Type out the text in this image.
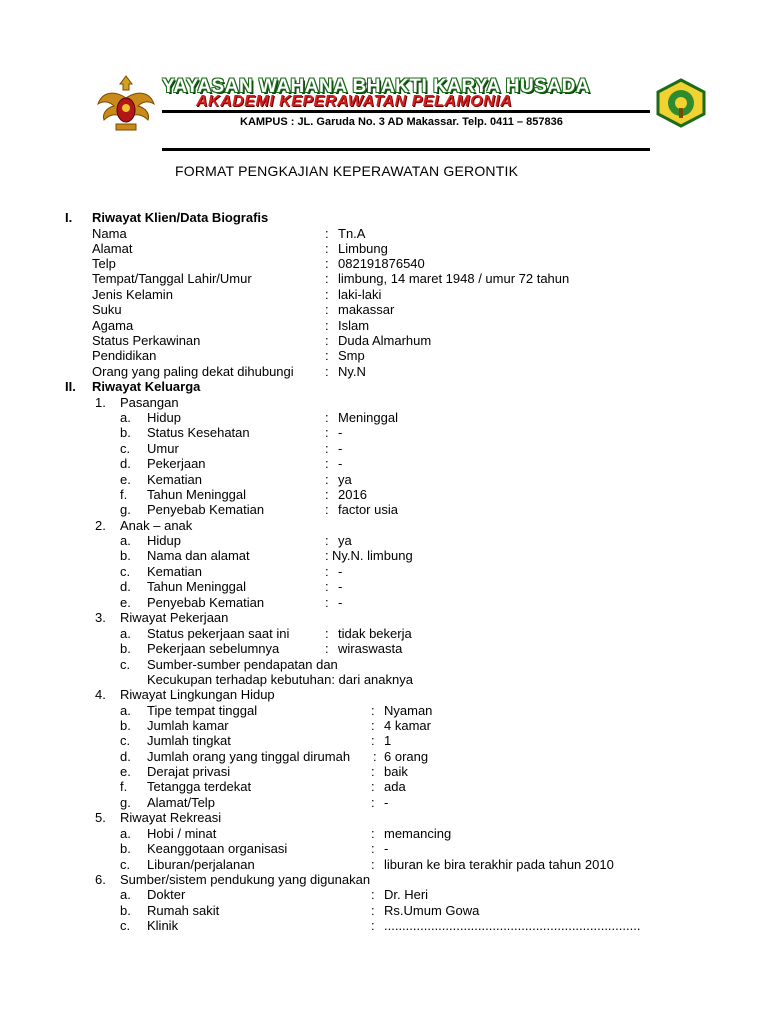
YAYASAN WAHANA BHAKTI KARYA HUSADA
AKADEMI KEPERAWATAN PELAMONIA
KAMPUS : JL. Garuda No. 3 AD Makassar. Telp. 0411 – 857836
FORMAT PENGKAJIAN KEPERAWATAN GERONTIK
I. Riwayat Klien/Data Biografis
Nama	: Tn.A
Alamat	: Limbung
Telp	: 082191876540
Tempat/Tanggal Lahir/Umur	: limbung, 14 maret 1948 / umur 72 tahun
Jenis Kelamin	: laki-laki
Suku	: makassar
Agama	: Islam
Status Perkawinan	: Duda Almarhum
Pendidikan	: Smp
Orang yang paling dekat dihubungi : Ny.N
II. Riwayat Keluarga
1. Pasangan
a. Hidup	: Meninggal
b. Status Kesehatan	: -
c. Umur	: -
d. Pekerjaan	: -
e. Kematian	: ya
f. Tahun Meninggal	: 2016
g. Penyebab Kematian	: factor usia
2. Anak – anak
a. Hidup	: ya
b. Nama dan alamat	: Ny.N. limbung
c. Kematian	: -
d. Tahun Meninggal	: -
e. Penyebab Kematian	: -
3. Riwayat Pekerjaan
a. Status pekerjaan saat ini	: tidak bekerja
b. Pekerjaan sebelumnya	: wiraswasta
c. Sumber-sumber pendapatan dan
Kecukupan terhadap kebutuhan: dari anaknya
4. Riwayat Lingkungan Hidup
a. Tipe tempat tinggal	: Nyaman
b. Jumlah kamar	: 4 kamar
c. Jumlah tingkat	: 1
d. Jumlah orang yang tinggal dirumah : 6 orang
e. Derajat privasi	: baik
f. Tetangga terdekat	: ada
g. Alamat/Telp	: -
5. Riwayat Rekreasi
a. Hobi / minat	: memancing
b. Keanggotaan organisasi	: -
c. Liburan/perjalanan	: liburan ke bira terakhir pada tahun 2010
6. Sumber/sistem pendukung yang digunakan
a. Dokter	: Dr. Heri
b. Rumah sakit	: Rs.Umum Gowa
c. Klinik	: .......................................................................
